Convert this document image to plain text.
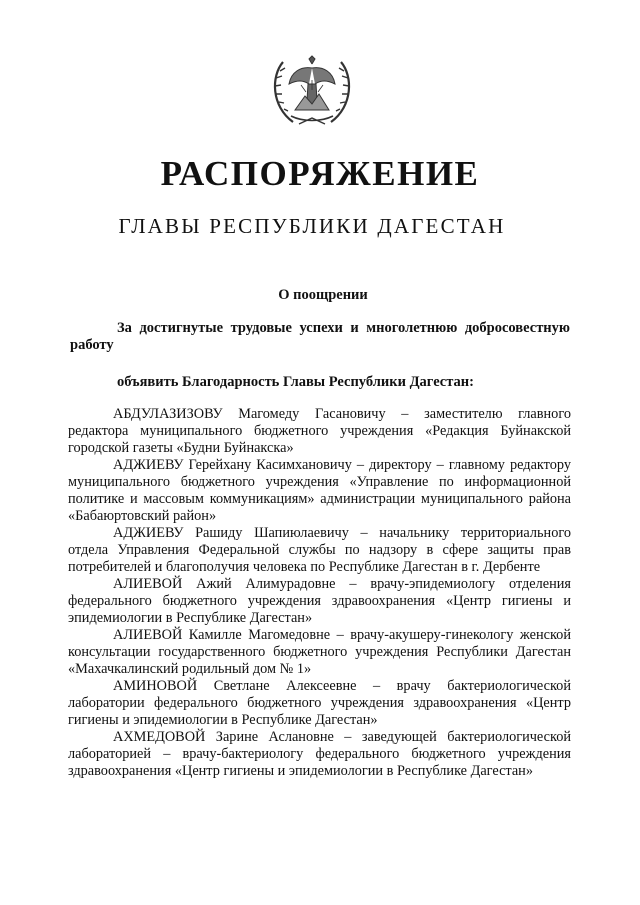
РАСПОРЯЖЕНИЕ
ГЛАВЫ РЕСПУБЛИКИ ДАГЕСТАН
О поощрении
За достигнутые трудовые успехи и многолетнюю добросовестную работу
объявить Благодарность Главы Республики Дагестан:

АБДУЛАЗИЗОВУ Магомеду Гасановичу – заместителю главного редактора муниципального бюджетного учреждения «Редакция Буйнакской городской газеты «Будни Буйнакска»

АДЖИЕВУ Герейхану Касимхановичу – директору – главному редактору муниципального бюджетного учреждения «Управление по информационной политике и массовым коммуникациям» администрации муниципального района «Бабаюртовский район»

АДЖИЕВУ Рашиду Шапиюлаевичу – начальнику территориального отдела Управления Федеральной службы по надзору в сфере защиты прав потребителей и благополучия человека по Республике Дагестан в г. Дербенте

АЛИЕВОЙ Ажий Алимурадовне – врачу-эпидемиологу отделения федерального бюджетного учреждения здравоохранения «Центр гигиены и эпидемиологии в Республике Дагестан»

АЛИЕВОЙ Камилле Магомедовне – врачу-акушеру-гинекологу женской консультации государственного бюджетного учреждения Республики Дагестан «Махачкалинский родильный дом № 1»

АМИНОВОЙ Светлане Алексеевне – врачу бактериологической лаборатории федерального бюджетного учреждения здравоохранения «Центр гигиены и эпидемиологии в Республике Дагестан»

АХМЕДОВОЙ Зарине Аслановне – заведующей бактериологической лабораторией – врачу-бактериологу федерального бюджетного учреждения здравоохранения «Центр гигиены и эпидемиологии в Республике Дагестан»
